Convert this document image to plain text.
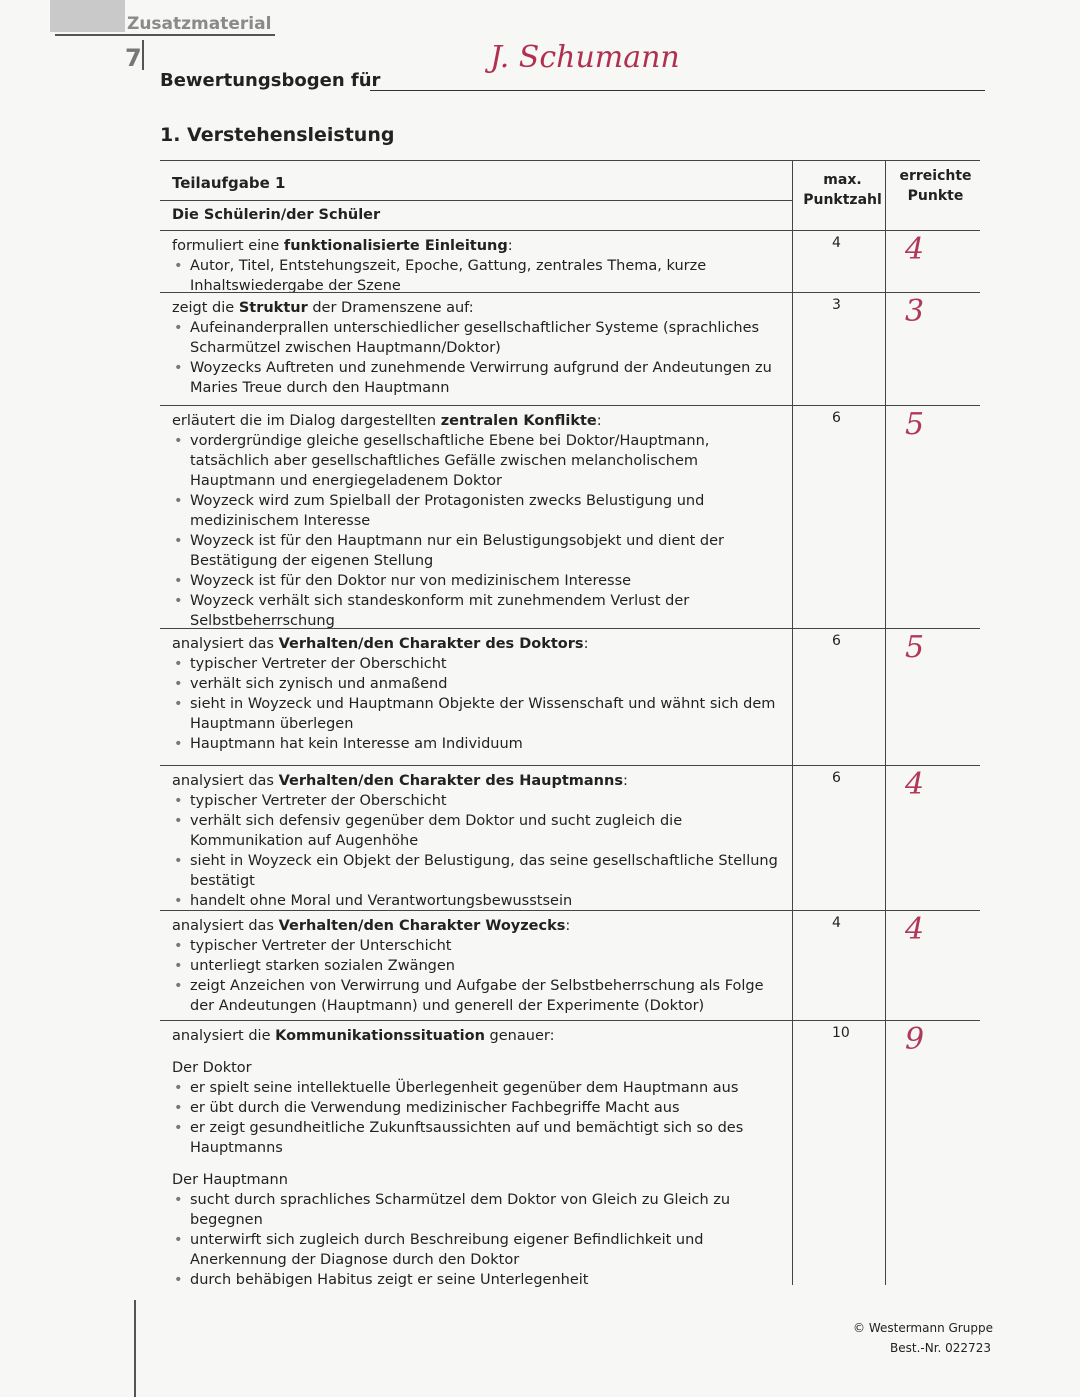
Zusatzmaterial
7
Bewertungsbogen für
J. Schumann
1. Verstehensleistung
Teilaufgabe 1
Die Schülerin/der Schüler
max. Punktzahl
erreichte Punkte
formuliert eine funktionalisierte Einleitung:
• Autor, Titel, Entstehungszeit, Epoche, Gattung, zentrales Thema, kurze Inhaltswiedergabe der Szene
4 4
zeigt die Struktur der Dramenszene auf:
• Aufeinanderprallen unterschiedlicher gesellschaftlicher Systeme (sprachliches Scharmützel zwischen Hauptmann/Doktor)
• Woyzecks Auftreten und zunehmende Verwirrung aufgrund der Andeutungen zu Maries Treue durch den Hauptmann
3 3
erläutert die im Dialog dargestellten zentralen Konflikte:
• vordergründige gleiche gesellschaftliche Ebene bei Doktor/Hauptmann, tatsächlich aber gesellschaftliches Gefälle zwischen melancholischem Hauptmann und energiegeladenem Doktor
• Woyzeck wird zum Spielball der Protagonisten zwecks Belustigung und medizinischem Interesse
• Woyzeck ist für den Hauptmann nur ein Belustigungsobjekt und dient der Bestätigung der eigenen Stellung
• Woyzeck ist für den Doktor nur von medizinischem Interesse
• Woyzeck verhält sich standeskonform mit zunehmendem Verlust der Selbstbeherrschung
6 5
analysiert das Verhalten/den Charakter des Doktors:
• typischer Vertreter der Oberschicht
• verhält sich zynisch und anmaßend
• sieht in Woyzeck und Hauptmann Objekte der Wissenschaft und wähnt sich dem Hauptmann überlegen
• Hauptmann hat kein Interesse am Individuum
6 5
analysiert das Verhalten/den Charakter des Hauptmanns:
• typischer Vertreter der Oberschicht
• verhält sich defensiv gegenüber dem Doktor und sucht zugleich die Kommunikation auf Augenhöhe
• sieht in Woyzeck ein Objekt der Belustigung, das seine gesellschaftliche Stellung bestätigt
• handelt ohne Moral und Verantwortungsbewusstsein
6 4
analysiert das Verhalten/den Charakter Woyzecks:
• typischer Vertreter der Unterschicht
• unterliegt starken sozialen Zwängen
• zeigt Anzeichen von Verwirrung und Aufgabe der Selbstbeherrschung als Folge der Andeutungen (Hauptmann) und generell der Experimente (Doktor)
4 4
analysiert die Kommunikationssituation genauer:
Der Doktor
• er spielt seine intellektuelle Überlegenheit gegenüber dem Hauptmann aus
• er übt durch die Verwendung medizinischer Fachbegriffe Macht aus
• er zeigt gesundheitliche Zukunftsaussichten auf und bemächtigt sich so des Hauptmanns
Der Hauptmann
• sucht durch sprachliches Scharmützel dem Doktor von Gleich zu Gleich zu begegnen
• unterwirft sich zugleich durch Beschreibung eigener Befindlichkeit und Anerkennung der Diagnose durch den Doktor
• durch behäbigen Habitus zeigt er seine Unterlegenheit
10 9
© Westermann Gruppe
Best.-Nr. 022723
